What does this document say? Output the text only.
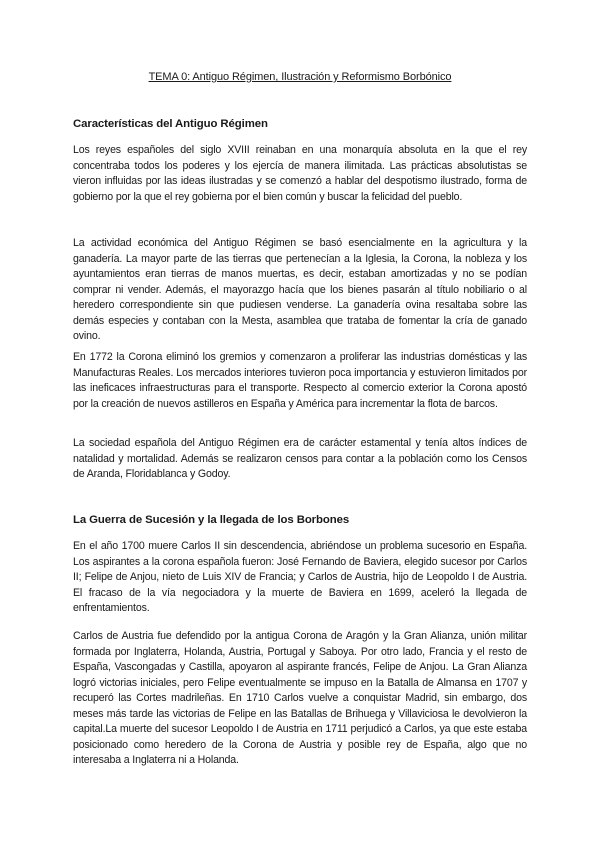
TEMA 0: Antiguo Régimen, Ilustración y Reformismo Borbónico
Características del Antiguo Régimen

Los reyes españoles del siglo XVIII reinaban en una monarquía absoluta en la que el rey concentraba todos los poderes y los ejercía de manera ilimitada. Las prácticas absolutistas se vieron influidas por las ideas ilustradas y se comenzó a hablar del despotismo ilustrado, forma de gobierno por la que el rey gobierna por el bien común y buscar la felicidad del pueblo.

La actividad económica del Antiguo Régimen se basó esencialmente en la agricultura y la ganadería. La mayor parte de las tierras que pertenecían a la Iglesia, la Corona, la nobleza y los ayuntamientos eran tierras de manos muertas, es decir, estaban amortizadas y no se podían comprar ni vender. Además, el mayorazgo hacía que los bienes pasarán al título nobiliario o al heredero correspondiente sin que pudiesen venderse. La ganadería ovina resaltaba sobre las demás especies y contaban con la Mesta, asamblea que trataba de fomentar la cría de ganado ovino.

En 1772 la Corona eliminó los gremios y comenzaron a proliferar las industrias domésticas y las Manufacturas Reales. Los mercados interiores tuvieron poca importancia y estuvieron limitados por las ineficaces infraestructuras para el transporte. Respecto al comercio exterior la Corona apostó por la creación de nuevos astilleros en España y América para incrementar la flota de barcos.

La sociedad española del Antiguo Régimen era de carácter estamental y tenía altos índices de natalidad y mortalidad. Además se realizaron censos para contar a la población como los Censos de Aranda, Floridablanca y Godoy.

La Guerra de Sucesión y la llegada de los Borbones

En el año 1700 muere Carlos II sin descendencia, abriéndose un problema sucesorio en España. Los aspirantes a la corona española fueron: José Fernando de Baviera, elegido sucesor por Carlos II; Felipe de Anjou, nieto de Luis XIV de Francia; y Carlos de Austria, hijo de Leopoldo I de Austria. El fracaso de la vía negociadora y la muerte de Baviera en 1699, aceleró la llegada de enfrentamientos.

Carlos de Austria fue defendido por la antigua Corona de Aragón y la Gran Alianza, unión militar formada por Inglaterra, Holanda, Austria, Portugal y Saboya. Por otro lado, Francia y el resto de España, Vascongadas y Castilla, apoyaron al aspirante francés, Felipe de Anjou. La Gran Alianza logró victorias iniciales, pero Felipe eventualmente se impuso en la Batalla de Almansa en 1707 y recuperó las Cortes madrileñas. En 1710 Carlos vuelve a conquistar Madrid, sin embargo, dos meses más tarde las victorias de Felipe en las Batallas de Brihuega y Villaviciosa le devolvieron la capital.La muerte del sucesor Leopoldo I de Austria en 1711 perjudicó a Carlos, ya que este estaba posicionado como heredero de la Corona de Austria y posible rey de España, algo que no interesaba a Inglaterra ni a Holanda.
